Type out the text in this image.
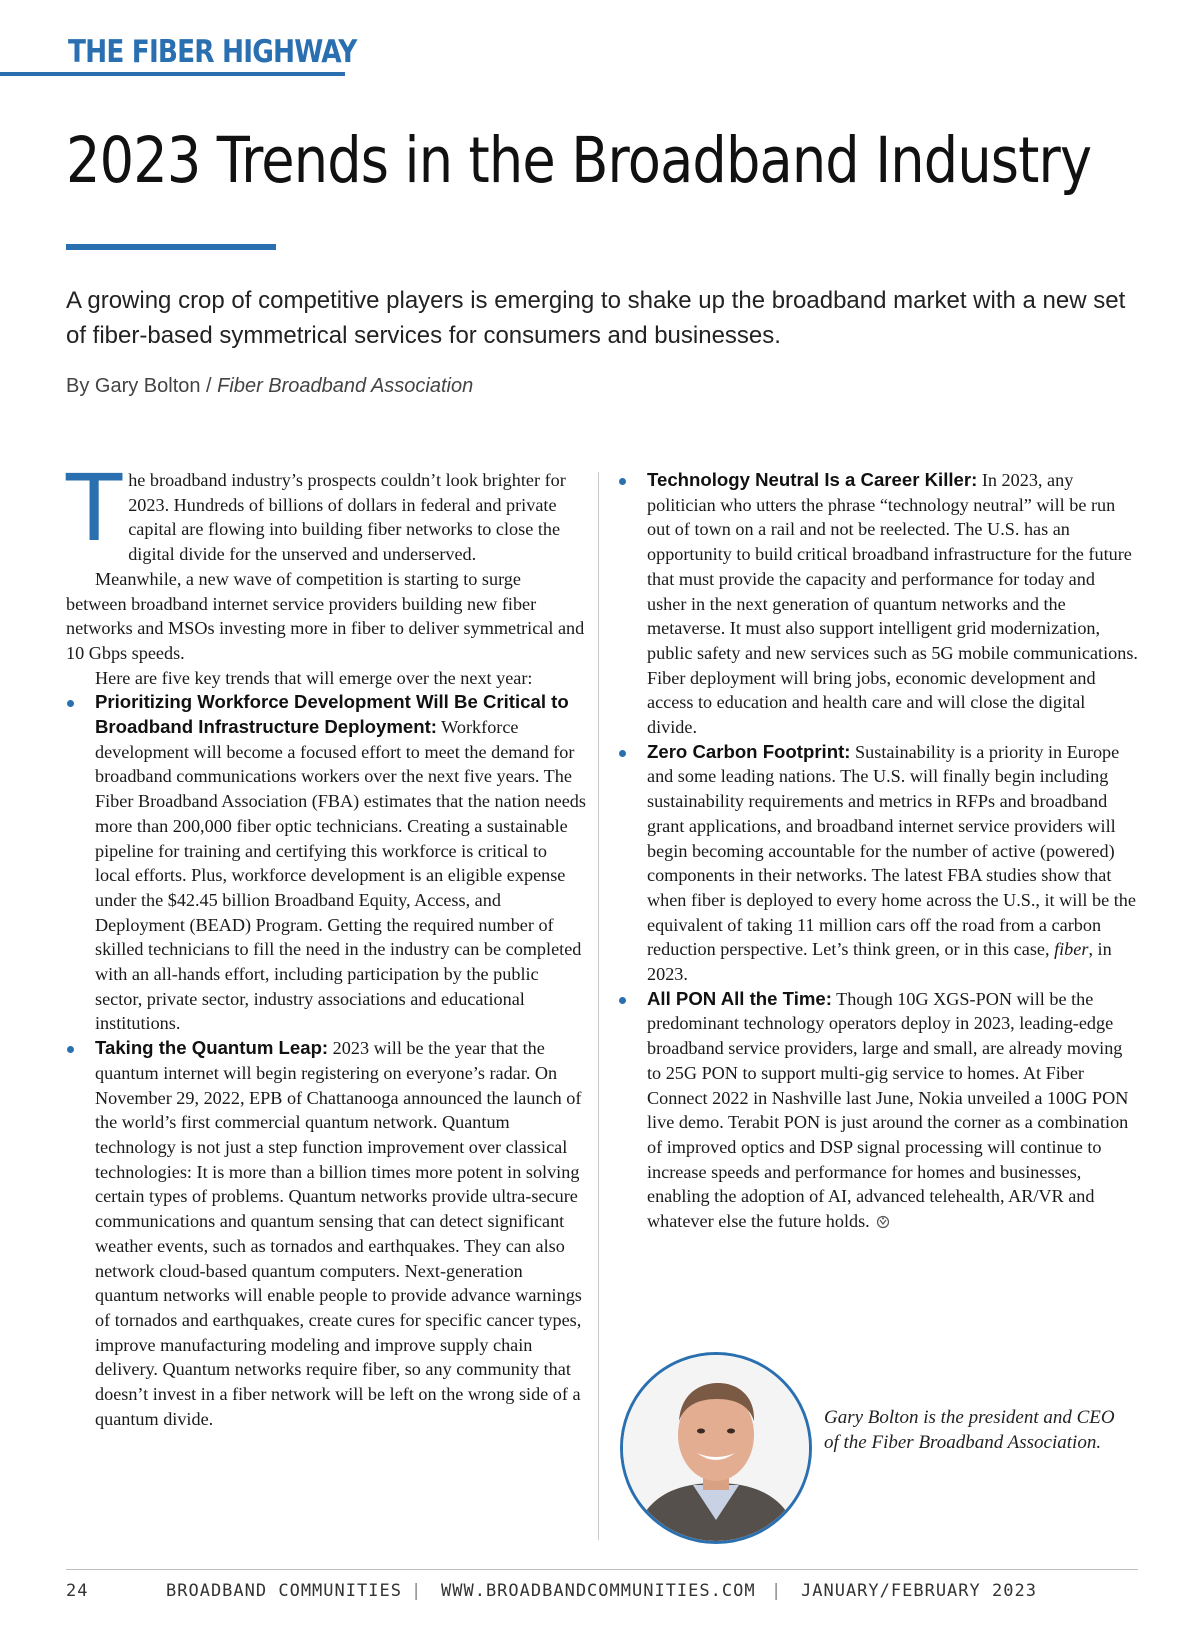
THE FIBER HIGHWAY
2023 Trends in the Broadband Industry

A growing crop of competitive players is emerging to shake up the broadband market with a new set of fiber-based symmetrical services for consumers and businesses.

By Gary Bolton / Fiber Broadband Association

The broadband industry’s prospects couldn’t look brighter for 2023. Hundreds of billions of dollars in federal and private capital are flowing into building fiber networks to close the digital divide for the unserved and underserved.

Meanwhile, a new wave of competition is starting to surge between broadband internet service providers building new fiber networks and MSOs investing more in fiber to deliver symmetrical and 10 Gbps speeds.

Here are five key trends that will emerge over the next year:

Prioritizing Workforce Development Will Be Critical to Broadband Infrastructure Deployment: Workforce development will become a focused effort to meet the demand for broadband communications workers over the next five years. The Fiber Broadband Association (FBA) estimates that the nation needs more than 200,000 fiber optic technicians. Creating a sustainable pipeline for training and certifying this workforce is critical to local efforts. Plus, workforce development is an eligible expense under the $42.45 billion Broadband Equity, Access, and Deployment (BEAD) Program. Getting the required number of skilled technicians to fill the need in the industry can be completed with an all-hands effort, including participation by the public sector, private sector, industry associations and educational institutions.
Taking the Quantum Leap: 2023 will be the year that the quantum internet will begin registering on everyone’s radar. On November 29, 2022, EPB of Chattanooga announced the launch of the world’s first commercial quantum network. Quantum technology is not just a step function improvement over classical technologies: It is more than a billion times more potent in solving certain types of problems. Quantum networks provide ultra-secure communications and quantum sensing that can detect significant weather events, such as tornados and earthquakes. They can also network cloud-based quantum computers. Next-generation quantum networks will enable people to provide advance warnings of tornados and earthquakes, create cures for specific cancer types, improve manufacturing modeling and improve supply chain delivery. Quantum networks require fiber, so any community that doesn’t invest in a fiber network will be left on the wrong side of a quantum divide.
Technology Neutral Is a Career Killer: In 2023, any politician who utters the phrase “technology neutral” will be run out of town on a rail and not be reelected. The U.S. has an opportunity to build critical broadband infrastructure for the future that must provide the capacity and performance for today and usher in the next generation of quantum networks and the metaverse. It must also support intelligent grid modernization, public safety and new services such as 5G mobile communications. Fiber deployment will bring jobs, economic development and access to education and health care and will close the digital divide.
Zero Carbon Footprint: Sustainability is a priority in Europe and some leading nations. The U.S. will finally begin including sustainability requirements and metrics in RFPs and broadband grant applications, and broadband internet service providers will begin becoming accountable for the number of active (powered) components in their networks. The latest FBA studies show that when fiber is deployed to every home across the U.S., it will be the equivalent of taking 11 million cars off the road from a carbon reduction perspective. Let’s think green, or in this case, fiber, in 2023.
All PON All the Time: Though 10G XGS-PON will be the predominant technology operators deploy in 2023, leading-edge broadband service providers, large and small, are already moving to 25G PON to support multi-gig service to homes. At Fiber Connect 2022 in Nashville last June, Nokia unveiled a 100G PON live demo. Terabit PON is just around the corner as a combination of improved optics and DSP signal processing will continue to increase speeds and performance for homes and businesses, enabling the adoption of AI, advanced telehealth, AR/VR and whatever else the future holds.

Gary Bolton is the president and CEO of the Fiber Broadband Association.

24	BROADBAND COMMUNITIES | WWW.BROADBANDCOMMUNITIES.COM | JANUARY/FEBRUARY 2023
